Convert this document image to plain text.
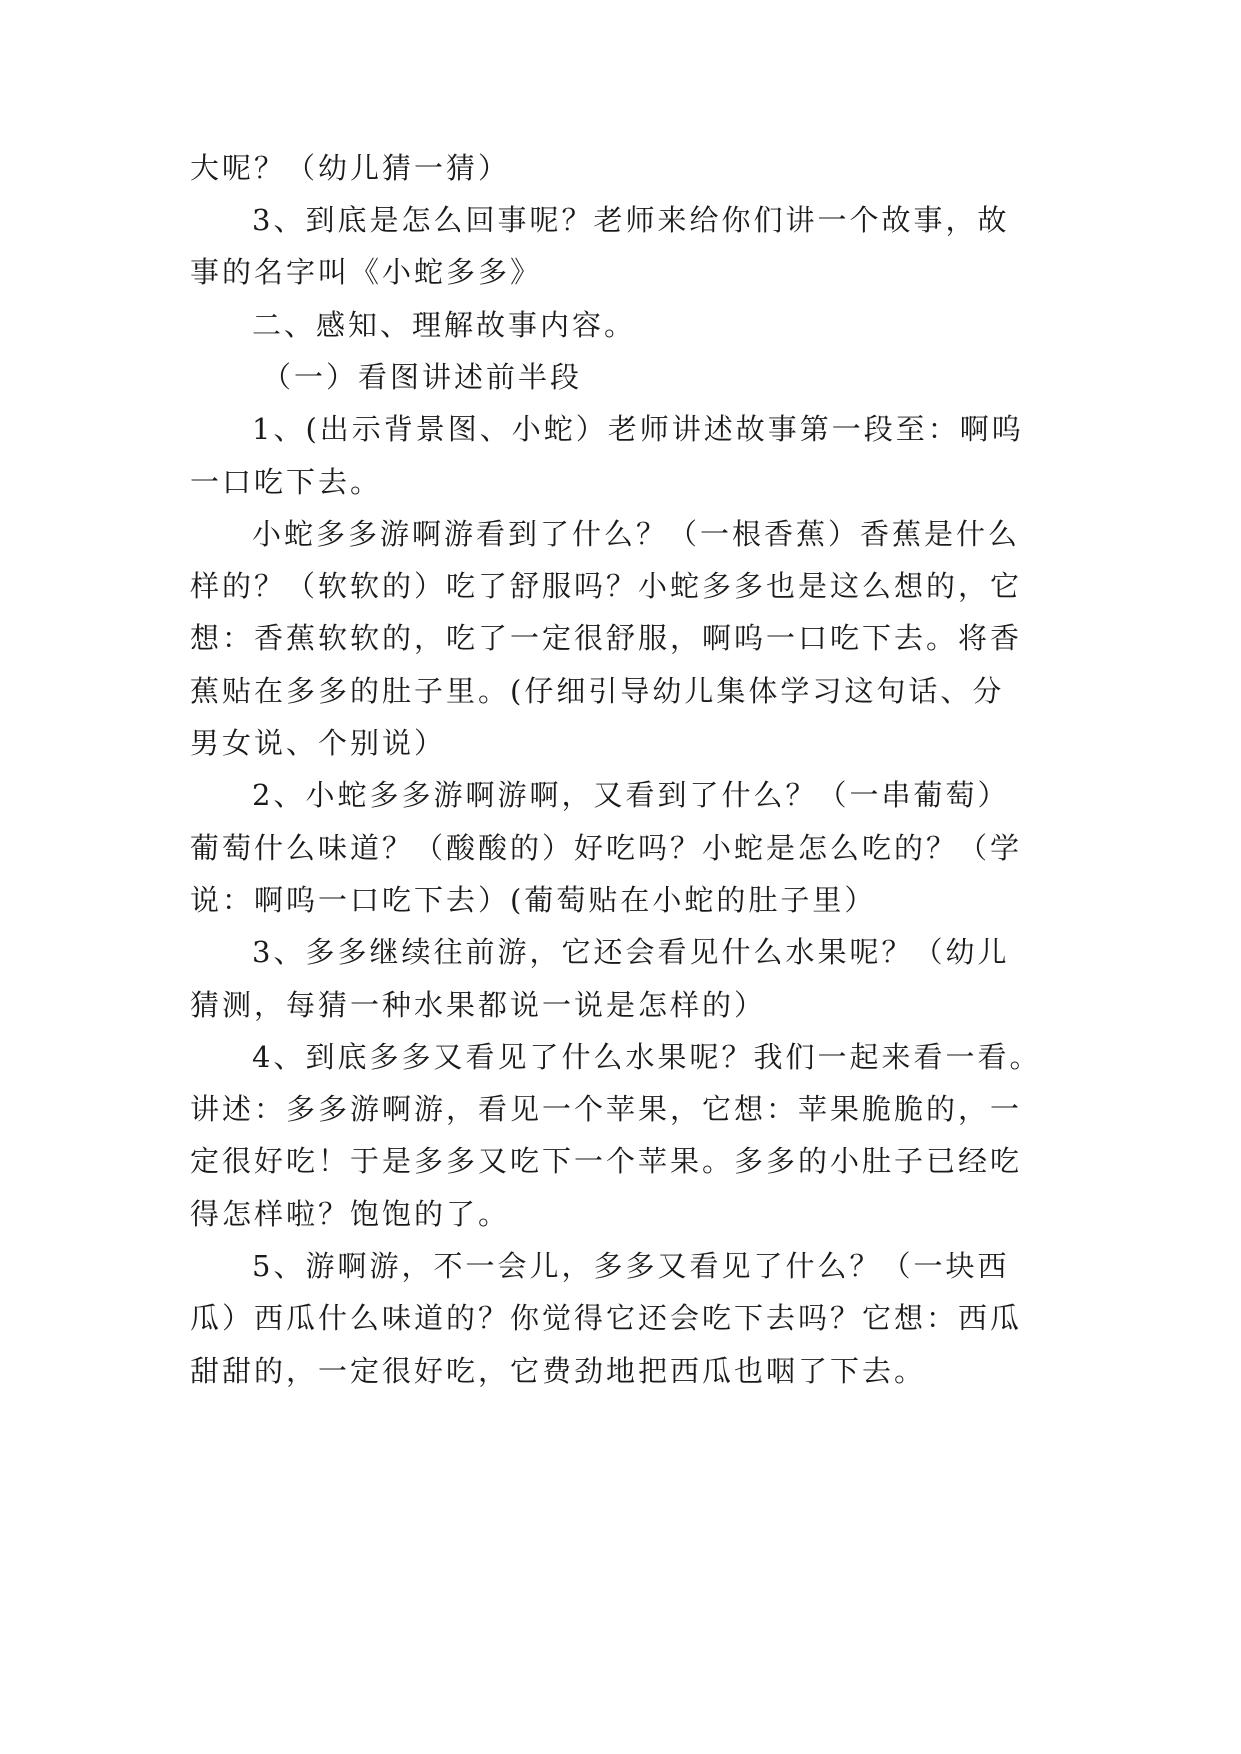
大呢？（幼儿猜一猜）
3、到底是怎么回事呢？老师来给你们讲一个故事，故
事的名字叫《小蛇多多》
二、感知、理解故事内容。
（一）看图讲述前半段
1、(出示背景图、小蛇）老师讲述故事第一段至：啊呜
一口吃下去。
小蛇多多游啊游看到了什么？（一根香蕉）香蕉是什么
样的？（软软的）吃了舒服吗？小蛇多多也是这么想的，它
想：香蕉软软的，吃了一定很舒服，啊呜一口吃下去。将香
蕉贴在多多的肚子里。(仔细引导幼儿集体学习这句话、分
男女说、个别说）
2、小蛇多多游啊游啊，又看到了什么？（一串葡萄）
葡萄什么味道？（酸酸的）好吃吗？小蛇是怎么吃的？（学
说：啊呜一口吃下去）(葡萄贴在小蛇的肚子里）
3、多多继续往前游，它还会看见什么水果呢？（幼儿
猜测，每猜一种水果都说一说是怎样的）
4、到底多多又看见了什么水果呢？我们一起来看一看。
讲述：多多游啊游，看见一个苹果，它想：苹果脆脆的，一
定很好吃！于是多多又吃下一个苹果。多多的小肚子已经吃
得怎样啦？饱饱的了。
5、游啊游，不一会儿，多多又看见了什么？（一块西
瓜）西瓜什么味道的？你觉得它还会吃下去吗？它想：西瓜
甜甜的，一定很好吃，它费劲地把西瓜也咽了下去。
